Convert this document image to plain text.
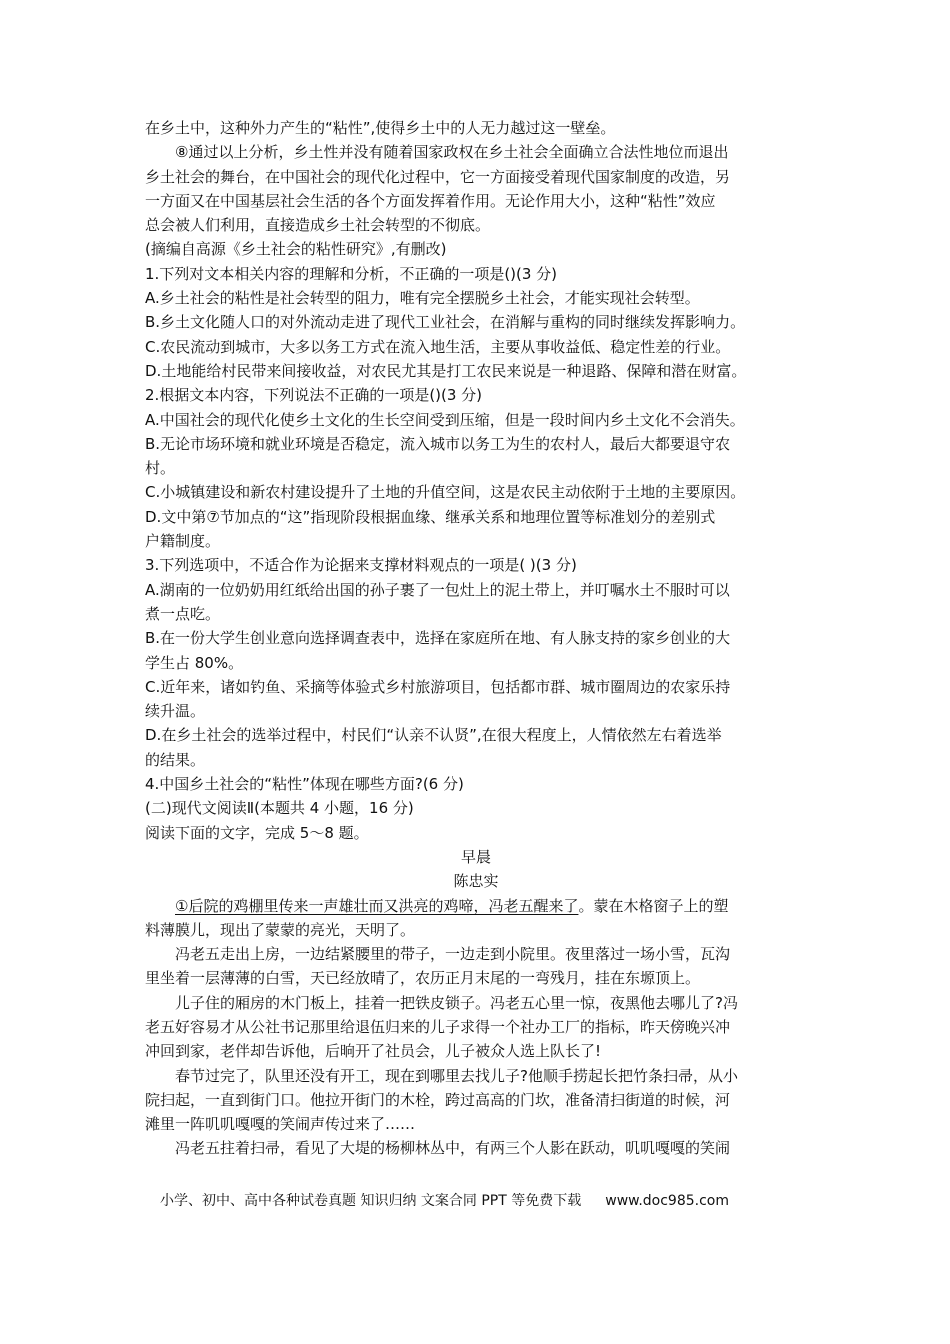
在乡土中，这种外力产生的“粘性”,使得乡土中的人无力越过这一壁垒。
⑧通过以上分析，乡土性并没有随着国家政权在乡土社会全面确立合法性地位而退出
乡土社会的舞台，在中国社会的现代化过程中，它一方面接受着现代国家制度的改造，另
一方面又在中国基层社会生活的各个方面发挥着作用。无论作用大小，这种“粘性”效应
总会被人们利用，直接造成乡土社会转型的不彻底。
(摘编自高源《乡土社会的粘性研究》,有删改)
1.下列对文本相关内容的理解和分析，不正确的一项是()(3 分)
A.乡土社会的粘性是社会转型的阻力，唯有完全摆脱乡土社会，才能实现社会转型。
B.乡土文化随人口的对外流动走进了现代工业社会，在消解与重构的同时继续发挥影响力。
C.农民流动到城市，大多以务工方式在流入地生活，主要从事收益低、稳定性差的行业。
D.土地能给村民带来间接收益，对农民尤其是打工农民来说是一种退路、保障和潜在财富。
2.根据文本内容，下列说法不正确的一项是()(3 分)
A.中国社会的现代化使乡土文化的生长空间受到压缩，但是一段时间内乡土文化不会消失。
B.无论市场环境和就业环境是否稳定，流入城市以务工为生的农村人，最后大都要退守农
村。
C.小城镇建设和新农村建设提升了土地的升值空间，这是农民主动依附于土地的主要原因。
D.文中第⑦节加点的“这”指现阶段根据血缘、继承关系和地理位置等标准划分的差别式
户籍制度。
3.下列选项中，不适合作为论据来支撑材料观点的一项是( )(3 分)
A.湖南的一位奶奶用红纸给出国的孙子裹了一包灶上的泥土带上，并叮嘱水土不服时可以
煮一点吃。
B.在一份大学生创业意向选择调查表中，选择在家庭所在地、有人脉支持的家乡创业的大
学生占 80%。
C.近年来，诸如钓鱼、采摘等体验式乡村旅游项目，包括都市群、城市圈周边的农家乐持
续升温。
D.在乡土社会的选举过程中，村民们“认亲不认贤”,在很大程度上，人情依然左右着选举
的结果。
4.中国乡土社会的“粘性”体现在哪些方面?(6 分)
(二)现代文阅读Ⅱ(本题共 4 小题，16 分)
阅读下面的文字，完成 5～8 题。
早晨
陈忠实
①后院的鸡棚里传来一声雄壮而又洪亮的鸡啼，冯老五醒来了。蒙在木格窗子上的塑
料薄膜儿，现出了蒙蒙的亮光，天明了。
冯老五走出上房，一边结紧腰里的带子，一边走到小院里。夜里落过一场小雪，瓦沟
里坐着一层薄薄的白雪，天已经放晴了，农历正月末尾的一弯残月，挂在东塬顶上。
儿子住的厢房的木门板上，挂着一把铁皮锁子。冯老五心里一惊，夜黑他去哪儿了?冯
老五好容易才从公社书记那里给退伍归来的儿子求得一个社办工厂的指标，昨天傍晚兴冲
冲回到家，老伴却告诉他，后晌开了社员会，儿子被众人选上队长了!
春节过完了，队里还没有开工，现在到哪里去找儿子?他顺手捞起长把竹条扫帚，从小
院扫起，一直到街门口。他拉开街门的木栓，跨过高高的门坎，准备清扫街道的时候，河
滩里一阵叽叽嘎嘎的笑闹声传过来了……
冯老五拄着扫帚，看见了大堤的杨柳林丛中，有两三个人影在跃动，叽叽嘎嘎的笑闹
小学、初中、高中各种试卷真题 知识归纳 文案合同 PPT 等免费下载 www.doc985.com
